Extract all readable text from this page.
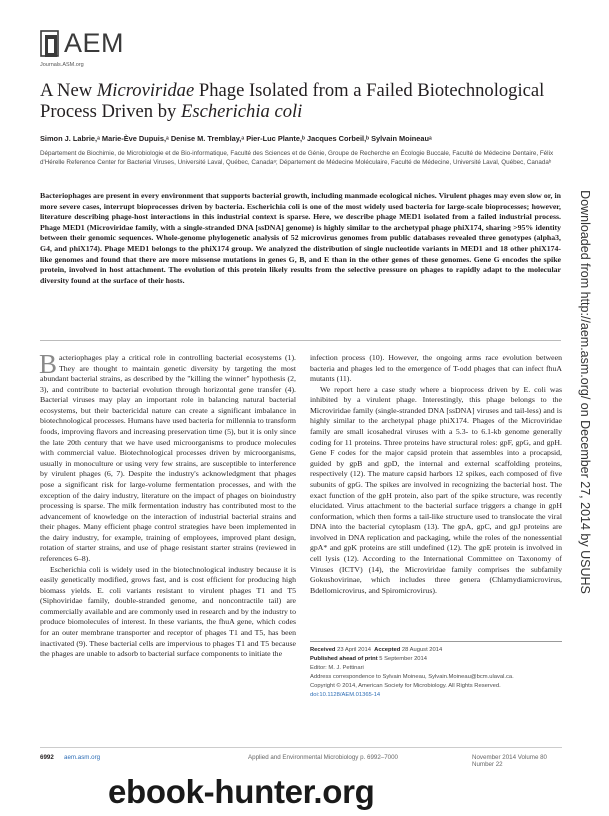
AEM
Journals.ASM.org
A New Microviridae Phage Isolated from a Failed Biotechnological Process Driven by Escherichia coli
Simon J. Labrie,ᵃ Marie-Ève Dupuis,ᵃ Denise M. Tremblay,ᵃ Pier-Luc Plante,ᵇ Jacques Corbeil,ᵇ Sylvain Moineauᵃ
Département de Biochimie, de Microbiologie et de Bio-informatique, Faculté des Sciences et de Génie, Groupe de Recherche en Écologie Buccale, Faculté de Médecine Dentaire, Félix d'Hérelle Reference Center for Bacterial Viruses, Université Laval, Québec, Canadaᵃ; Département de Médecine Moléculaire, Faculté de Médecine, Université Laval, Québec, Canadaᵇ
Bacteriophages are present in every environment that supports bacterial growth, including manmade ecological niches. Virulent phages may even slow or, in more severe cases, interrupt bioprocesses driven by bacteria. Escherichia coli is one of the most widely used bacteria for large-scale bioprocesses; however, literature describing phage-host interactions in this industrial context is sparse. Here, we describe phage MED1 isolated from a failed industrial process. Phage MED1 (Microviridae family, with a single-stranded DNA [ssDNA] genome) is highly similar to the archetypal phage phiX174, sharing >95% identity between their genomic sequences. Whole-genome phylogenetic analysis of 52 microvirus genomes from public databases revealed three genotypes (alpha3, G4, and phiX174). Phage MED1 belongs to the phiX174 group. We analyzed the distribution of single nucleotide variants in MED1 and 18 other phiX174-like genomes and found that there are more missense mutations in genes G, B, and E than in the other genes of these genomes. Gene G encodes the spike protein, involved in host attachment. The evolution of this protein likely results from the selective pressure on phages to rapidly adapt to the molecular diversity found at the surface of their hosts.

Bacteriophages play a critical role in controlling bacterial ecosystems (1). They are thought to maintain genetic diversity by targeting the most abundant bacterial strains, as described by the "killing the winner" hypothesis (2, 3), and contribute to bacterial evolution through horizontal gene transfer (4). Bacterial viruses may play an important role in balancing natural bacterial ecosystems, but their bactericidal nature can create a significant imbalance in biotechnological processes. Humans have used bacteria for millennia to transform foods, improving flavors and increasing preservation time (5), but it is only since the late 20th century that we have used microorganisms to produce molecules with commercial value. Biotechnological processes driven by microorganisms, usually in monoculture or using very few strains, are susceptible to interference by virulent phages (6, 7). Despite the industry's acknowledgment that phages pose a significant risk for large-volume fermentation processes, and with the exception of the dairy industry, literature on the impact of phages on bioindustry processing is sparse. The milk fermentation industry has contributed most to the advancement of knowledge on the interaction of industrial bacterial strains and their phages. Many efficient phage control strategies have been implemented in the dairy industry, for example, training of employees, improved plant design, rotation of starter strains, and use of phage resistant starter strains (reviewed in references 6–8).

Escherichia coli is widely used in the biotechnological industry because it is easily genetically modified, grows fast, and is cost efficient for producing high biomass yields. E. coli variants resistant to virulent phages T1 and T5 (Siphoviridae family, double-stranded genome, and noncontractile tail) are commercially available and are commonly used in research and by the industry to produce biomolecules of interest. In these variants, the fhuA gene, which codes for an outer membrane transporter and receptor of phages T1 and T5, has been inactivated (9). These bacterial cells are impervious to phages T1 and T5 because the phages are unable to adsorb to bacterial surface components to initiate the

infection process (10). However, the ongoing arms race evolution between bacteria and phages led to the emergence of T-odd phages that can infect fhuA mutants (11).

We report here a case study where a bioprocess driven by E. coli was inhibited by a virulent phage. Interestingly, this phage belongs to the Microviridae family (single-stranded DNA [ssDNA] viruses and tail-less) and is highly similar to the archetypal phage phiX174. Phages of the Microviridae family are small icosahedral viruses with a 5.3- to 6.1-kb genome generally coding for 11 proteins. Three proteins have structural roles: gpF, gpG, and gpH. Gene F codes for the major capsid protein that assembles into a procapsid, guided by gpB and gpD, the internal and external scaffolding proteins, respectively (12). The mature capsid harbors 12 spikes, each composed of five subunits of gpG. The spikes are involved in recognizing the bacterial host. The exact function of the gpH protein, also part of the spike structure, was recently elucidated. Virus attachment to the bacterial surface triggers a change in gpH conformation, which then forms a tail-like structure used to translocate the viral DNA into the bacterial cytoplasm (13). The gpA, gpC, and gpJ proteins are involved in DNA replication and packaging, while the roles of the nonessential gpA* and gpK proteins are still undefined (12). The gpE protein is involved in cell lysis (12). According to the International Committee on Taxonomy of Viruses (ICTV) (14), the Microviridae family comprises the subfamily Gokushovirinae, which includes three genera (Chlamydiamicrovirus, Bdellomicrovirus, and Spiromicrovirus).

Received 23 April 2014 Accepted 28 August 2014
Published ahead of print 5 September 2014
Editor: M. J. Pettinari
Address correspondence to Sylvain Moineau, Sylvain.Moineau@bcm.ulaval.ca.
Copyright © 2014, American Society for Microbiology. All Rights Reserved.
doi:10.1128/AEM.01365-14
Downloaded from http://aem.asm.org/ on December 27, 2014 by USUHS
6992 aem.asm.org	Applied and Environmental Microbiology p. 6992–7000	November 2014 Volume 80 Number 22
ebook-hunter.org
